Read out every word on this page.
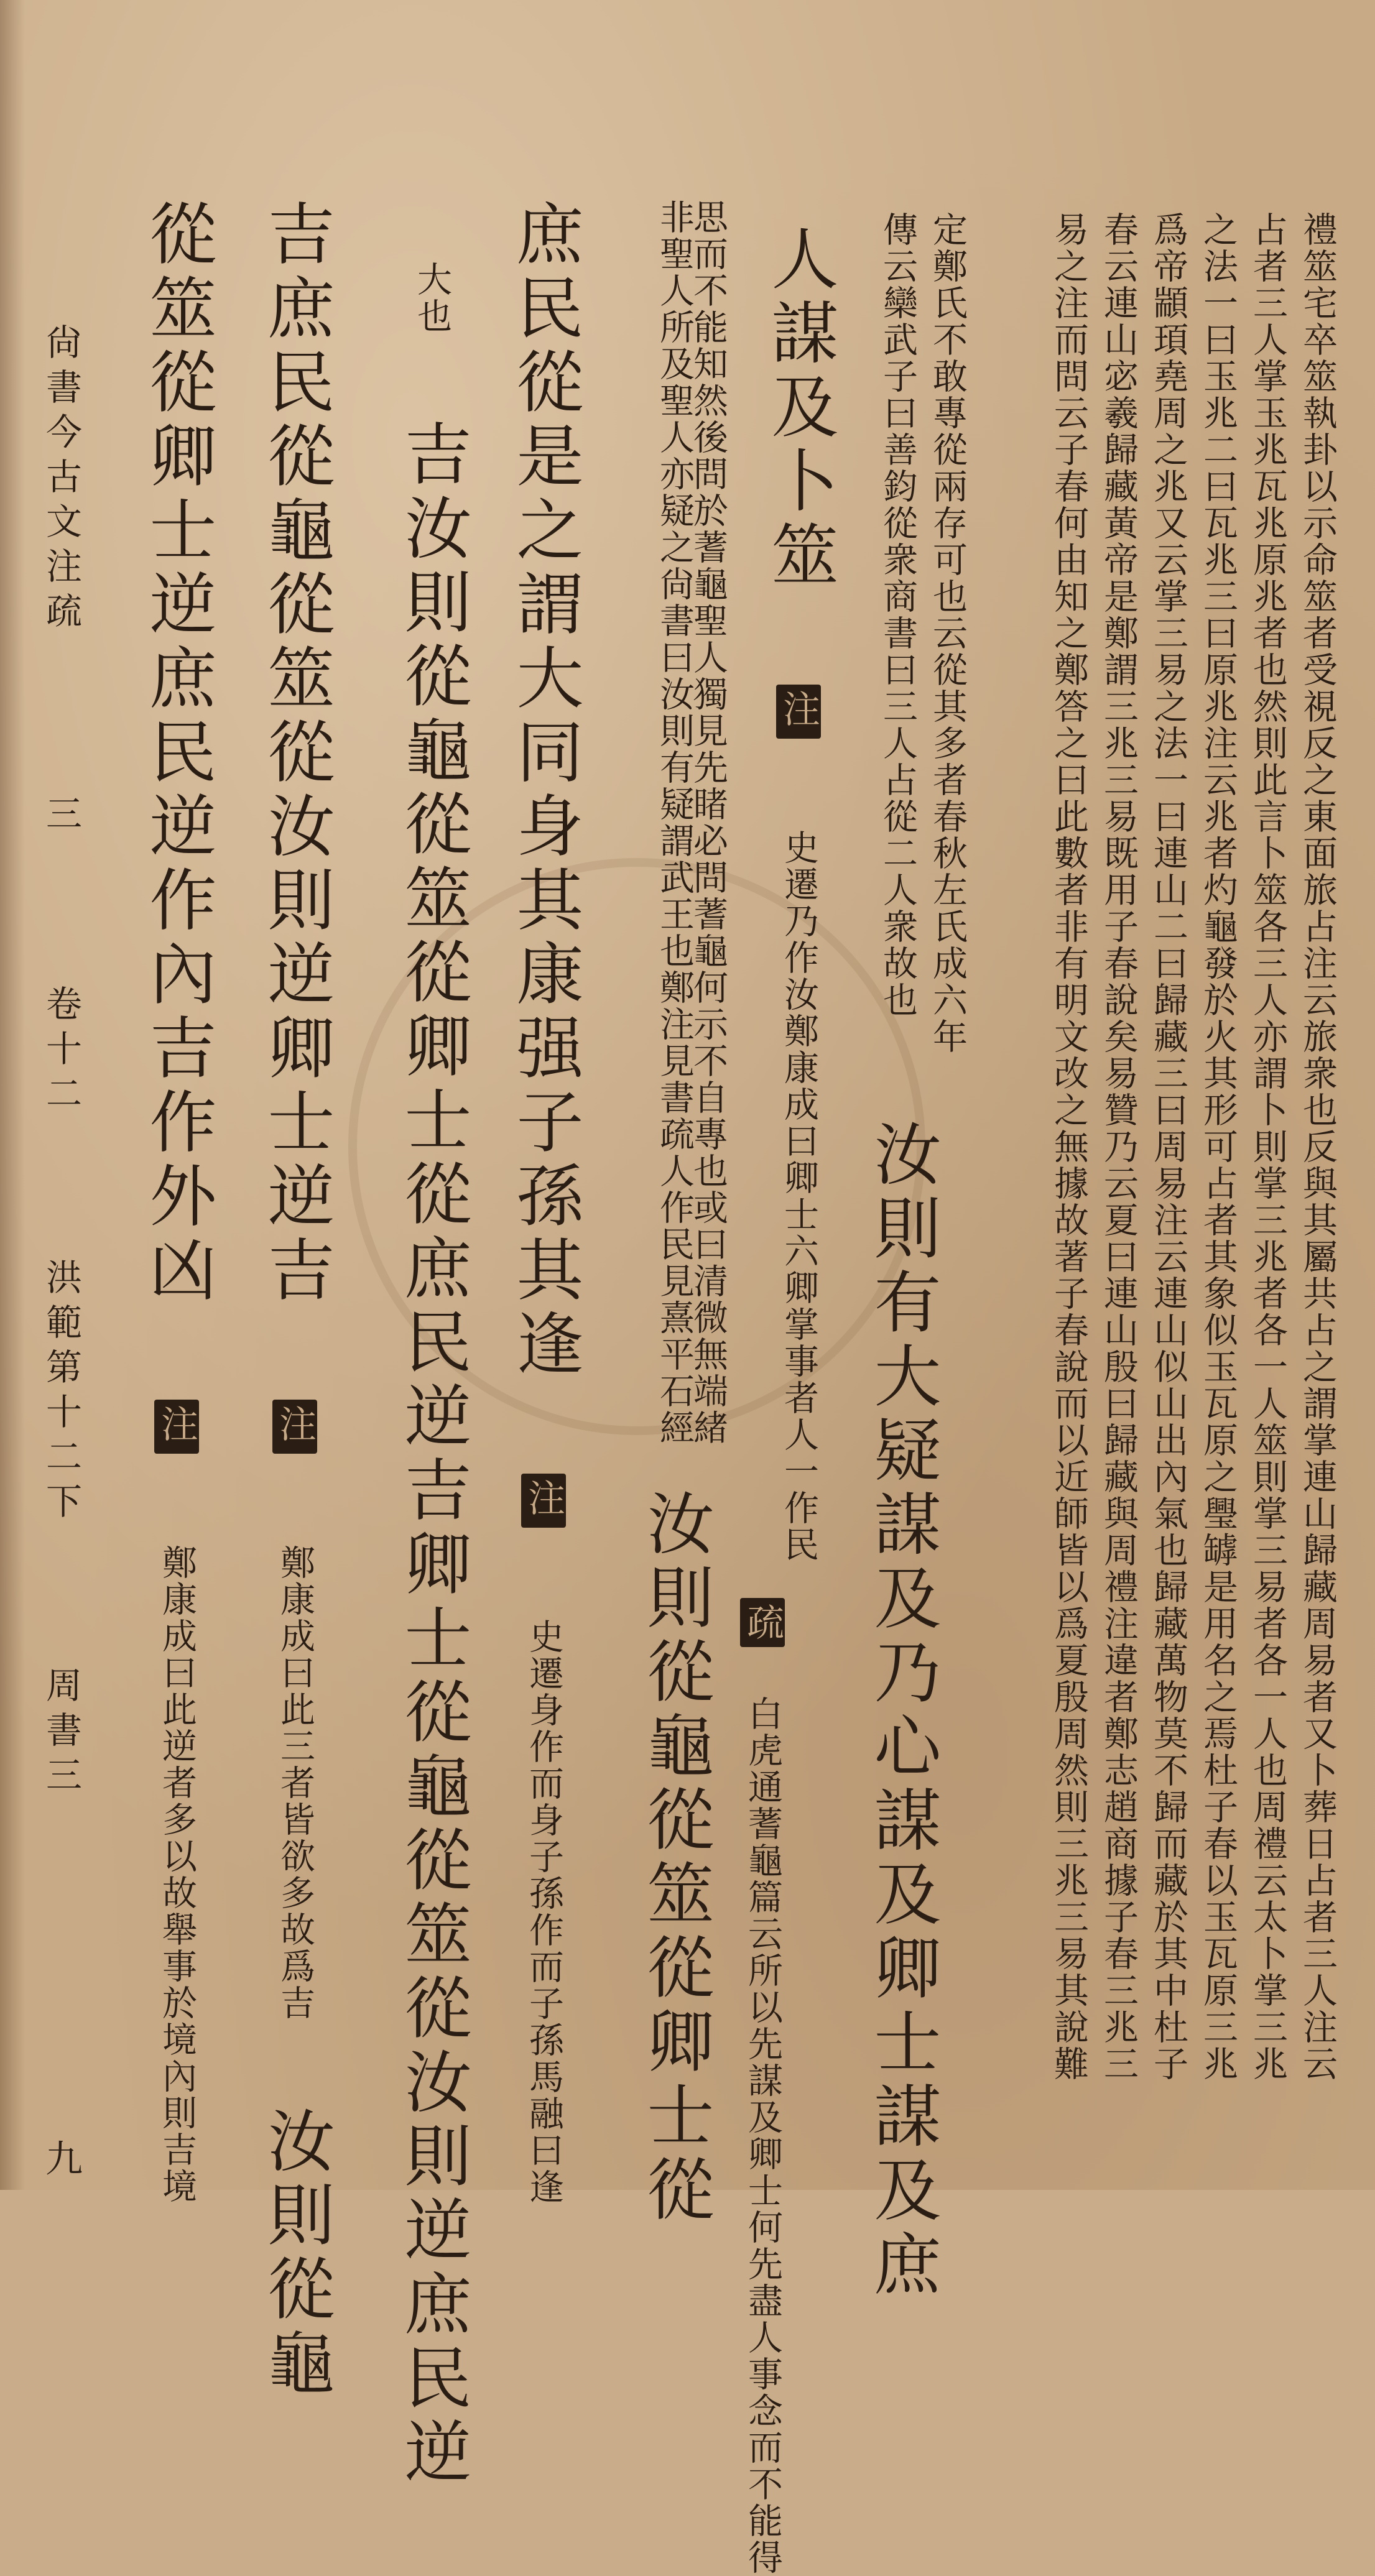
尙書今古文注疏  三  卷十二  洪範第十二下  周書三  九
禮筮宅卒筮執卦以示命筮者受視反之東面旅占注云旅衆也反與其屬共占之謂掌連山歸藏周易者又卜葬日占者三人注云
占者三人掌玉兆瓦兆原兆者也然則此言卜筮各三人亦謂卜則掌三兆者各一人筮則掌三易者各一人也周禮云太卜掌三兆
之法一曰玉兆二曰瓦兆三曰原兆注云兆者灼龜發於火其形可占者其象似玉瓦原之璺罅是用名之焉杜子春以玉瓦原三兆
爲帝顓頊堯周之兆又云掌三易之法一曰連山二曰歸藏三曰周易注云連山似山出內氣也歸藏萬物莫不歸而藏於其中杜子
春云連山宓羲歸藏黃帝是鄭謂三兆三易既用子春說矣易贊乃云夏曰連山殷曰歸藏與周禮注違者鄭志趙商據子春三兆三
易之注而問云子春何由知之鄭答之曰此數者非有明文改之無據故著子春說而以近師皆以爲夏殷周然則三兆三易其說難
定鄭氏不敢專從兩存可也云從其多者春秋左氏成六年
傳云欒武子曰善鈞從衆商書曰三人占從二人衆故也
汝則有大疑謀及乃心謀及卿士謀及庶
人謀及卜筮 注 史遷乃作汝鄭康成曰卿士六卿掌事者人一作民
疏 白虎通蓍龜篇云所以先謀及卿士何先盡人事念而不能得
思而不能知然後問於蓍龜聖人獨見先睹必問蓍龜何示不自專也或曰清微無端緒
非聖人所及聖人亦疑之尙書曰汝則有疑謂武王也鄭注見書疏人作民見熹平石經 汝則從龜從筮從卿士從
庶民從是之謂大同身其康强子孫其逢 注 史遷身作而身子孫作而子孫馬融曰逢
大也 吉汝則從龜從筮從卿士從庶民逆吉卿士從龜從筮從汝則逆庶民逆
吉庶民從龜從筮從汝則逆卿士逆吉 注 鄭康成曰此三者皆欲多故爲吉 汝則從龜
從筮從卿士逆庶民逆作內吉作外凶 注 鄭康成曰此逆者多以故舉事於境內則吉境
